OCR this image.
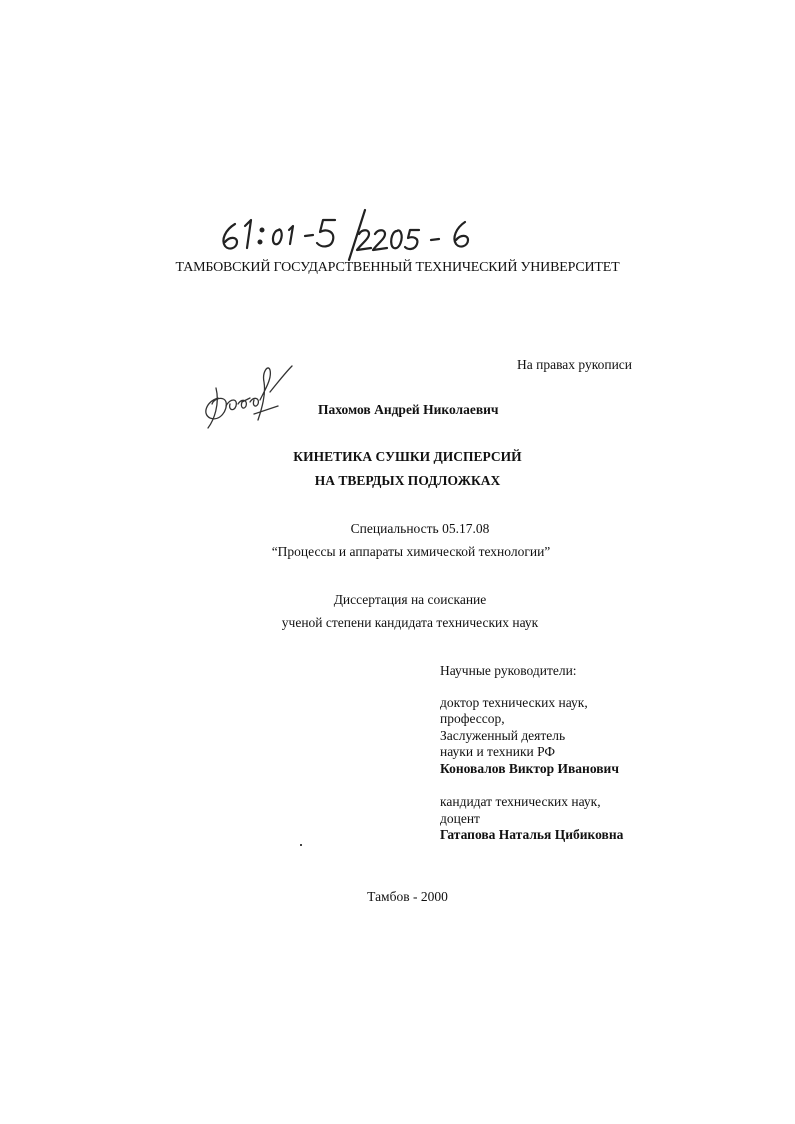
ТАМБОВСКИЙ ГОСУДАРСТВЕННЫЙ ТЕХНИЧЕСКИЙ УНИВЕРСИТЕТ
На правах рукописи
Пахомов Андрей Николаевич
КИНЕТИКА СУШКИ ДИСПЕРСИЙ
НА ТВЕРДЫХ ПОДЛОЖКАХ
Специальность 05.17.08
“Процессы и аппараты химической технологии”
Диссертация на соискание
ученой степени кандидата технических наук
Научные руководители:
доктор технических наук,
профессор,
Заслуженный деятель
науки и техники РФ
Коновалов Виктор Иванович
кандидат технических наук,
доцент
Гатапова Наталья Цибиковна
Тамбов - 2000
